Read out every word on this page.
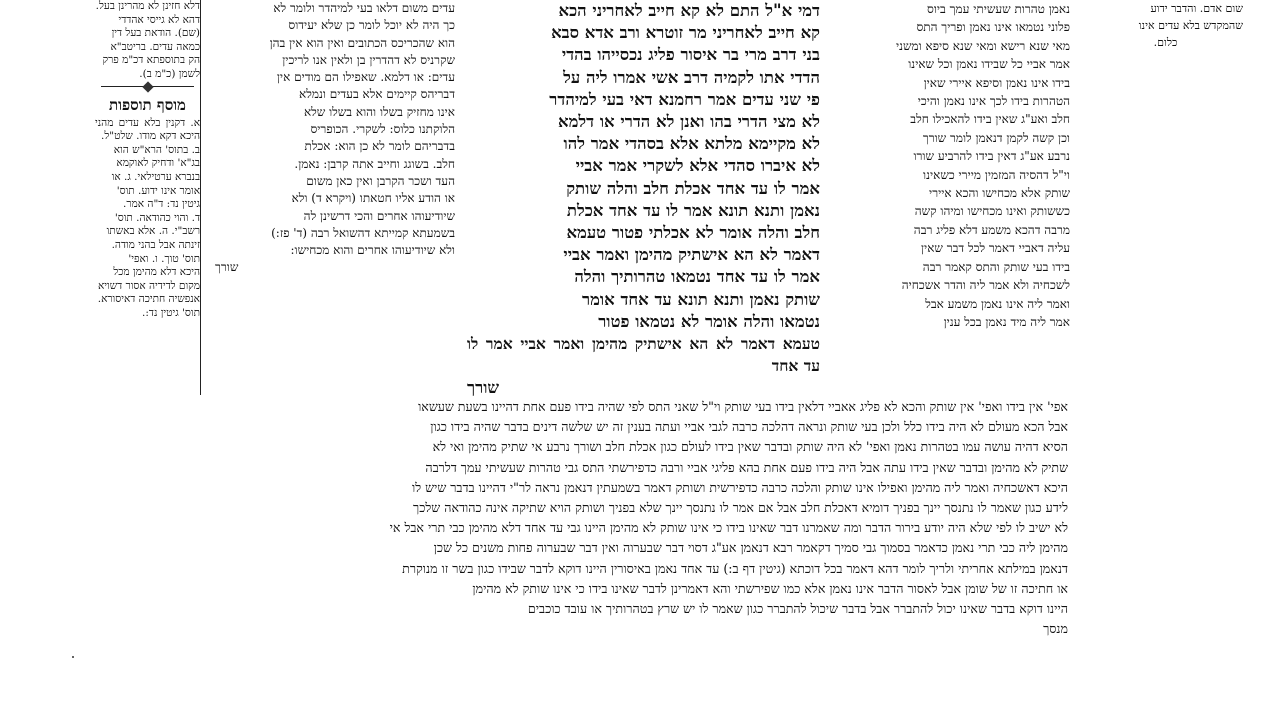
דלא חזינן לא מהרינן בעל.

דהא לא גייסי אהדדי

(שם). הודאת בעל דין

כמאה עדים. בריטב"א

הק בתוספתא דכ"מ פרק

לשמן (כ"מ ב).

מוסף תוספות

א. דקנין בלא עדים מהני היכא דקא מודו. שלט"ל.

ב. בתוס' הרא"ש הוא

בג"א' ודחיק לאוקמא

בנברא ערטילאי. ג. או

אומר אינו ידוע. תוס'

גיטין נד: ד"ה אמר.

ד. והוי כהודאה. תוס'

רשב"י. ה. אלא באשתו

זינתה אבל בהני מודה.

תוס' טוך. ו. ואפי'

היכא דלא מהימן מכל

מקום לדידיה אסור דשויא

אנפשיה חתיכה דאיסורא.

תוס' גיטין נד:.

עדים משום דלאו בעי למיהדר ולומר לא

כך היה לא יוכל לומר כן שלא יעידוס

הוא שהכריכס הכתובים ואין הוא אין בהן

שקרניס לא דהדרין בן ולאין אנו לריכין

עדים: או דלמא. שאפילו הם מודים אין

דבריהס קיימים אלא בעדים ונמלא

אינו מחזיק בשלו והוא בשלו שלא

הלוקתנו כלוס: לשקרי. הכופריס

בדבריהם לומר לא כן הוא: אכלת

חלב. בשוגג וחייב אתה קרבן: נאמן.

העד ושכר הקרבן ואין כאן משום

או הודע אליו חטאתו (ויקרא ד) ולא

שיודיעוהו אחרים והכי דרשינן לה

בשמעתא קמייתא דהשואל רבה (ד' פז:)

ולא שיודיעוהו אחרים והוא מכחישו:

שורך

דמי א"ל התם לא קא חייב לאחריני הכא

קא חייב לאחריני מר זוטרא ורב אדא סבא

בני דרב מרי בר איסור פליג נכסייהו בהדי

הדדי אתו לקמיה דרב אשי אמרו ליה על

פי שני עדים אמר רחמנא דאי בעי למיהדר

לא מצי הדרי בהו ואנן לא הדרי או דלמא

לא מקיימא מלתא אלא בסהדי אמר להו

לא איברו סהדי אלא לשקרי אמר אביי

אמר לו עד אחד אכלת חלב והלה שותק

נאמן ותנא תונא אמר לו עד אחד אכלת

חלב והלה אומר לא אכלתי פטור טעמא

דאמר לא הא אישתיק מהימן ואמר אביי

אמר לו עד אחד נטמאו טהרותיך והלה

שותק נאמן ותנא תונא עד אחד אומר

נטמאו והלה אומר לא נטמאו פטור

טעמא דאמר לא הא אישתיק מהימן ואמר אביי אמר לו עד אחד

שורך

נאמן טהרות שעשיתי עמך ביוס

פלוני נטמאו אינו נאמן ופריך התס

מאי שנא רישא ומאי שנא סיפא ומשני

אמר אביי כל שבידו נאמן וכל שאינו

בידו אינו נאמן וסיפא איירי שאין

הטהרות בידו לכך אינו נאמן והיכי

חלב ואע"ג שאין בידו להאכילו חלב

וכן קשה לקמן דנאמן לומר שורך

נרבע אע"ג דאין בידו להרביע שורו

וי"ל דהסיה המזמין מיירי כשאינו

שותק אלא מכחישו והכא איירי

כששותק ואינו מכחישו ומיהו קשה

מרבה דהכא משמע דלא פליג רבה

עליה דאביי דאמר לכל דבר שאין

בידו בעי שותק והתס קאמר רבה

לשכחיה ולא אמר ליה והדר אשכחיה

ואמר ליה אינו נאמן משמע אבל

אמר ליה מיד נאמן בכל ענין

שום אדם. והדבר ידוע

שהמקדש בלא עדים אינו

כלום.

אפי' אין בידו ואפי' אין שותק והכא לא פליג אאביי דלאין בידו בעי שותק וי"ל שאני התס לפי שהיה בידו פעם אחת דהיינו בשעת שעשאו

אבל הכא מעולם לא היה בידו כלל ולכן בעי שותק ונראה דהלכה כרבה לגבי אביי ועתה בענין זה יש שלשה דינים בדבר שהיה בידו כגון

הסיא דהיה עושה עמו בטהרות נאמן ואפי' לא היה שותק ובדבר שאין בידו לעולם כגון אכלת חלב ושורך נרבע אי שתיק מהימן ואי לא

שתיק לא מהימן ובדבר שאין בידו עתה אבל היה בידו פעם אחת בהא פליגי אביי ורבה כדפירשתי התס גבי טהרות שעשיתי עמך דלרבה

היכא דאשכחיה ואמר ליה מהימן ואפילו אינו שותק והלכה כרבה כדפירשית ושותק דאמר בשמעתין דנאמן נראה לר"י דהיינו בדבר שיש לו

לידע כגון שאמר לו נתנסך יינך בפניך דומיא דאכלת חלב אבל אם אמר לו נתנסך יינך שלא בפניך ושותק הויא שתיקה אינה כהודאה שלכך

לא ישיב לו לפי שלא היה יודע בירור הדבר ומה שאמרנו דבר שאינו בידו כי אינו שותק לא מהימן היינו גבי עד אחד דלא מהימן כבי תרי אבל אי

מהימן ליה כבי תרי נאמן כדאמר בסמוך גבי סמיך דקאמר רבא דנאמן אע"ג דסוי דבר שבערוה ואין דבר שבערוה פחות משנים כל שכן

דנאמן במילתא אחריתי ולריך לומר דהא דאמר בכל דוכתא (גיטין דף ב:) עד אחד נאמן באיסורין היינו דוקא לדבר שבידו כגון בשר זו מנוקרת

או חתיכה זו של שומן אבל לאסור הדבר אינו נאמן אלא כמו שפירשתי והא דאמרינן לדבר שאינו בידו כי אינו שותק לא מהימן

היינו דוקא בדבר שאינו יכול להתברר אבל בדבר שיכול להתברר כגון שאמר לו יש שרץ בטהרותיך או עובד כוכבים

מנסך
